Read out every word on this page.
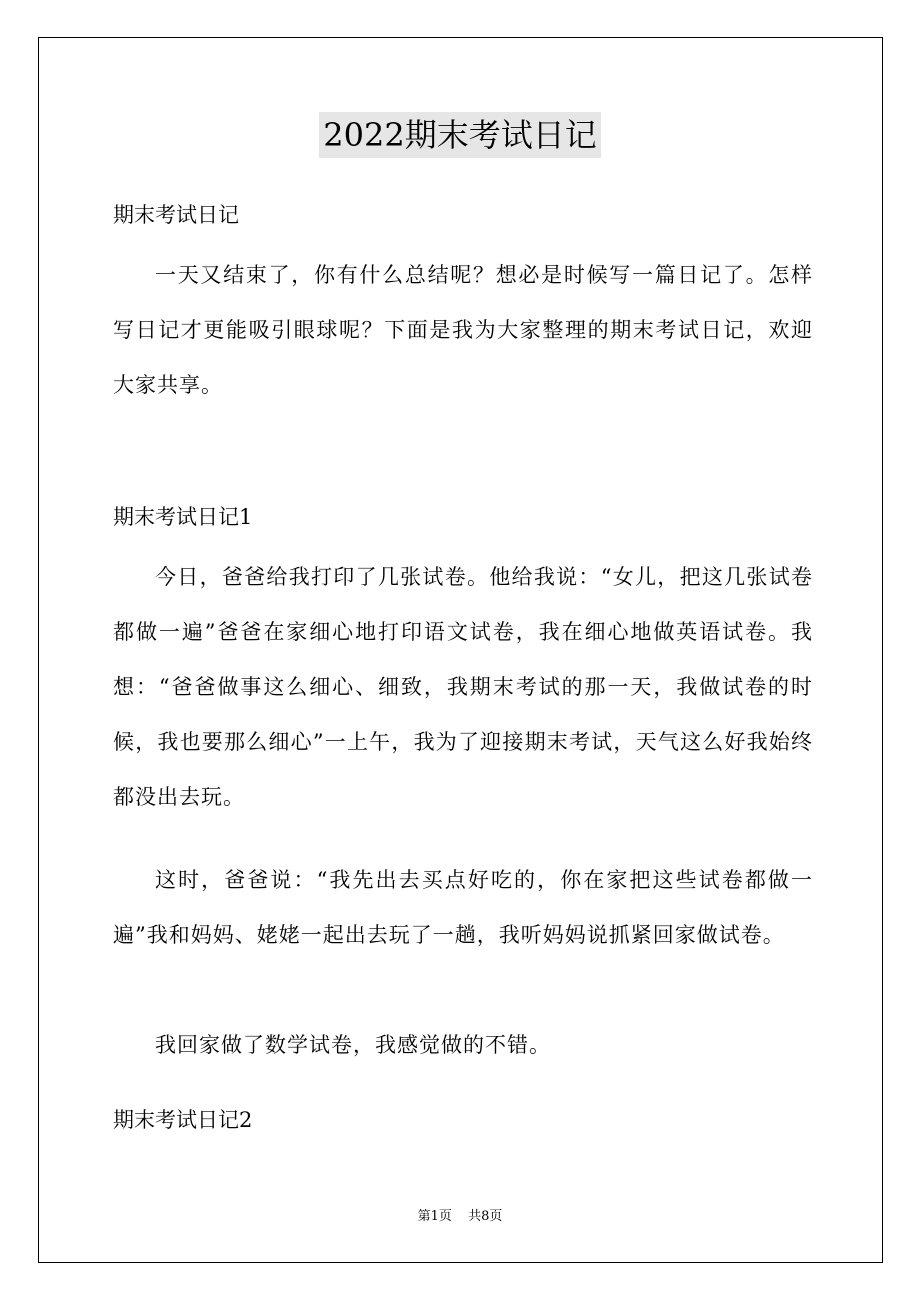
2022期末考试日记
期末考试日记

一天又结束了，你有什么总结呢？想必是时候写一篇日记了。怎样写日记才更能吸引眼球呢？下面是我为大家整理的期末考试日记，欢迎大家共享。

期末考试日记1

今日，爸爸给我打印了几张试卷。他给我说：“女儿，把这几张试卷都做一遍”爸爸在家细心地打印语文试卷，我在细心地做英语试卷。我想：“爸爸做事这么细心、细致，我期末考试的那一天，我做试卷的时候，我也要那么细心”一上午，我为了迎接期末考试，天气这么好我始终都没出去玩。

这时，爸爸说：“我先出去买点好吃的，你在家把这些试卷都做一遍”我和妈妈、姥姥一起出去玩了一趟，我听妈妈说抓紧回家做试卷。

我回家做了数学试卷，我感觉做的不错。

期末考试日记2
第1页 共8页
